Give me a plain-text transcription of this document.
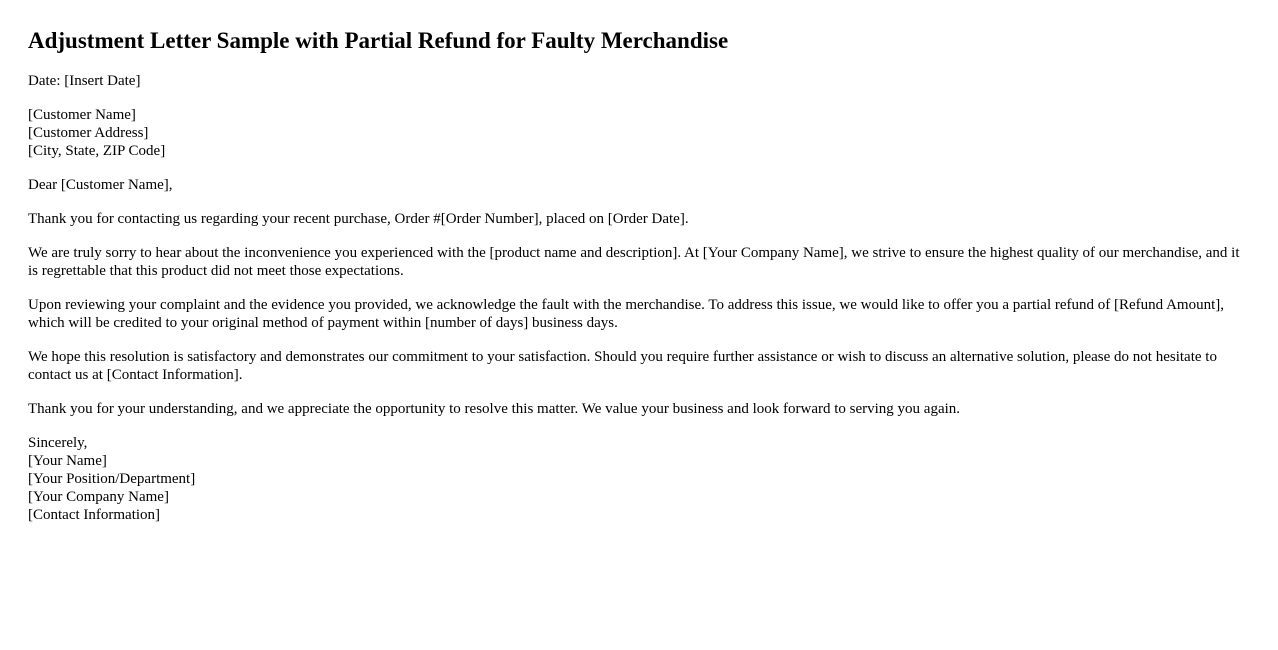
Adjustment Letter Sample with Partial Refund for Faulty Merchandise

Date: [Insert Date]

[Customer Name]
[Customer Address]
[City, State, ZIP Code]

Dear [Customer Name],

Thank you for contacting us regarding your recent purchase, Order #[Order Number], placed on [Order Date].

We are truly sorry to hear about the inconvenience you experienced with the [product name and description]. At [Your Company Name], we strive to ensure the highest quality of our merchandise, and it is regrettable that this product did not meet those expectations.

Upon reviewing your complaint and the evidence you provided, we acknowledge the fault with the merchandise. To address this issue, we would like to offer you a partial refund of [Refund Amount], which will be credited to your original method of payment within [number of days] business days.

We hope this resolution is satisfactory and demonstrates our commitment to your satisfaction. Should you require further assistance or wish to discuss an alternative solution, please do not hesitate to contact us at [Contact Information].

Thank you for your understanding, and we appreciate the opportunity to resolve this matter. We value your business and look forward to serving you again.

Sincerely,
[Your Name]
[Your Position/Department]
[Your Company Name]
[Contact Information]
